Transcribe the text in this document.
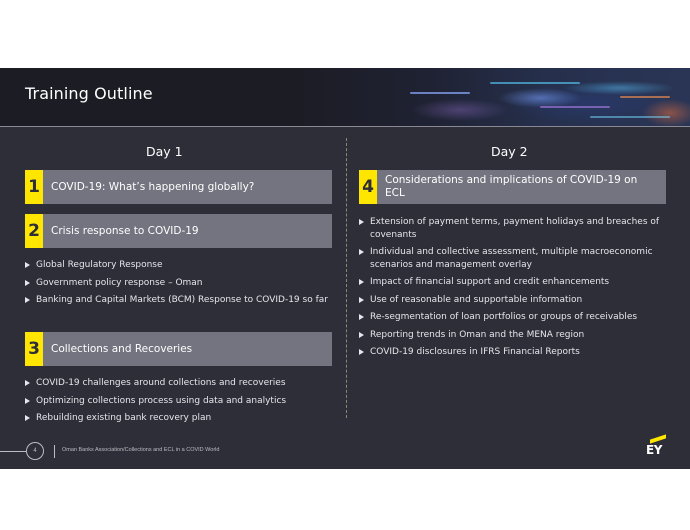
Training Outline
Day 1
1 COVID-19: What’s happening globally?
2 Crisis response to COVID-19
Global Regulatory Response
Government policy response – Oman
Banking and Capital Markets (BCM) Response to COVID-19 so far
3 Collections and Recoveries
COVID-19 challenges around collections and recoveries
Optimizing collections process using data and analytics
Rebuilding existing bank recovery plan
Day 2
4 Considerations and implications of COVID-19 on ECL
Extension of payment terms, payment holidays and breaches of covenants
Individual and collective assessment, multiple macroeconomic scenarios and management overlay
Impact of financial support and credit enhancements
Use of reasonable and supportable information
Re-segmentation of loan portfolios or groups of receivables
Reporting trends in Oman and the MENA region
COVID-19 disclosures in IFRS Financial Reports
4	Oman Banks Association/Collections and ECL in a COVID World	EY
